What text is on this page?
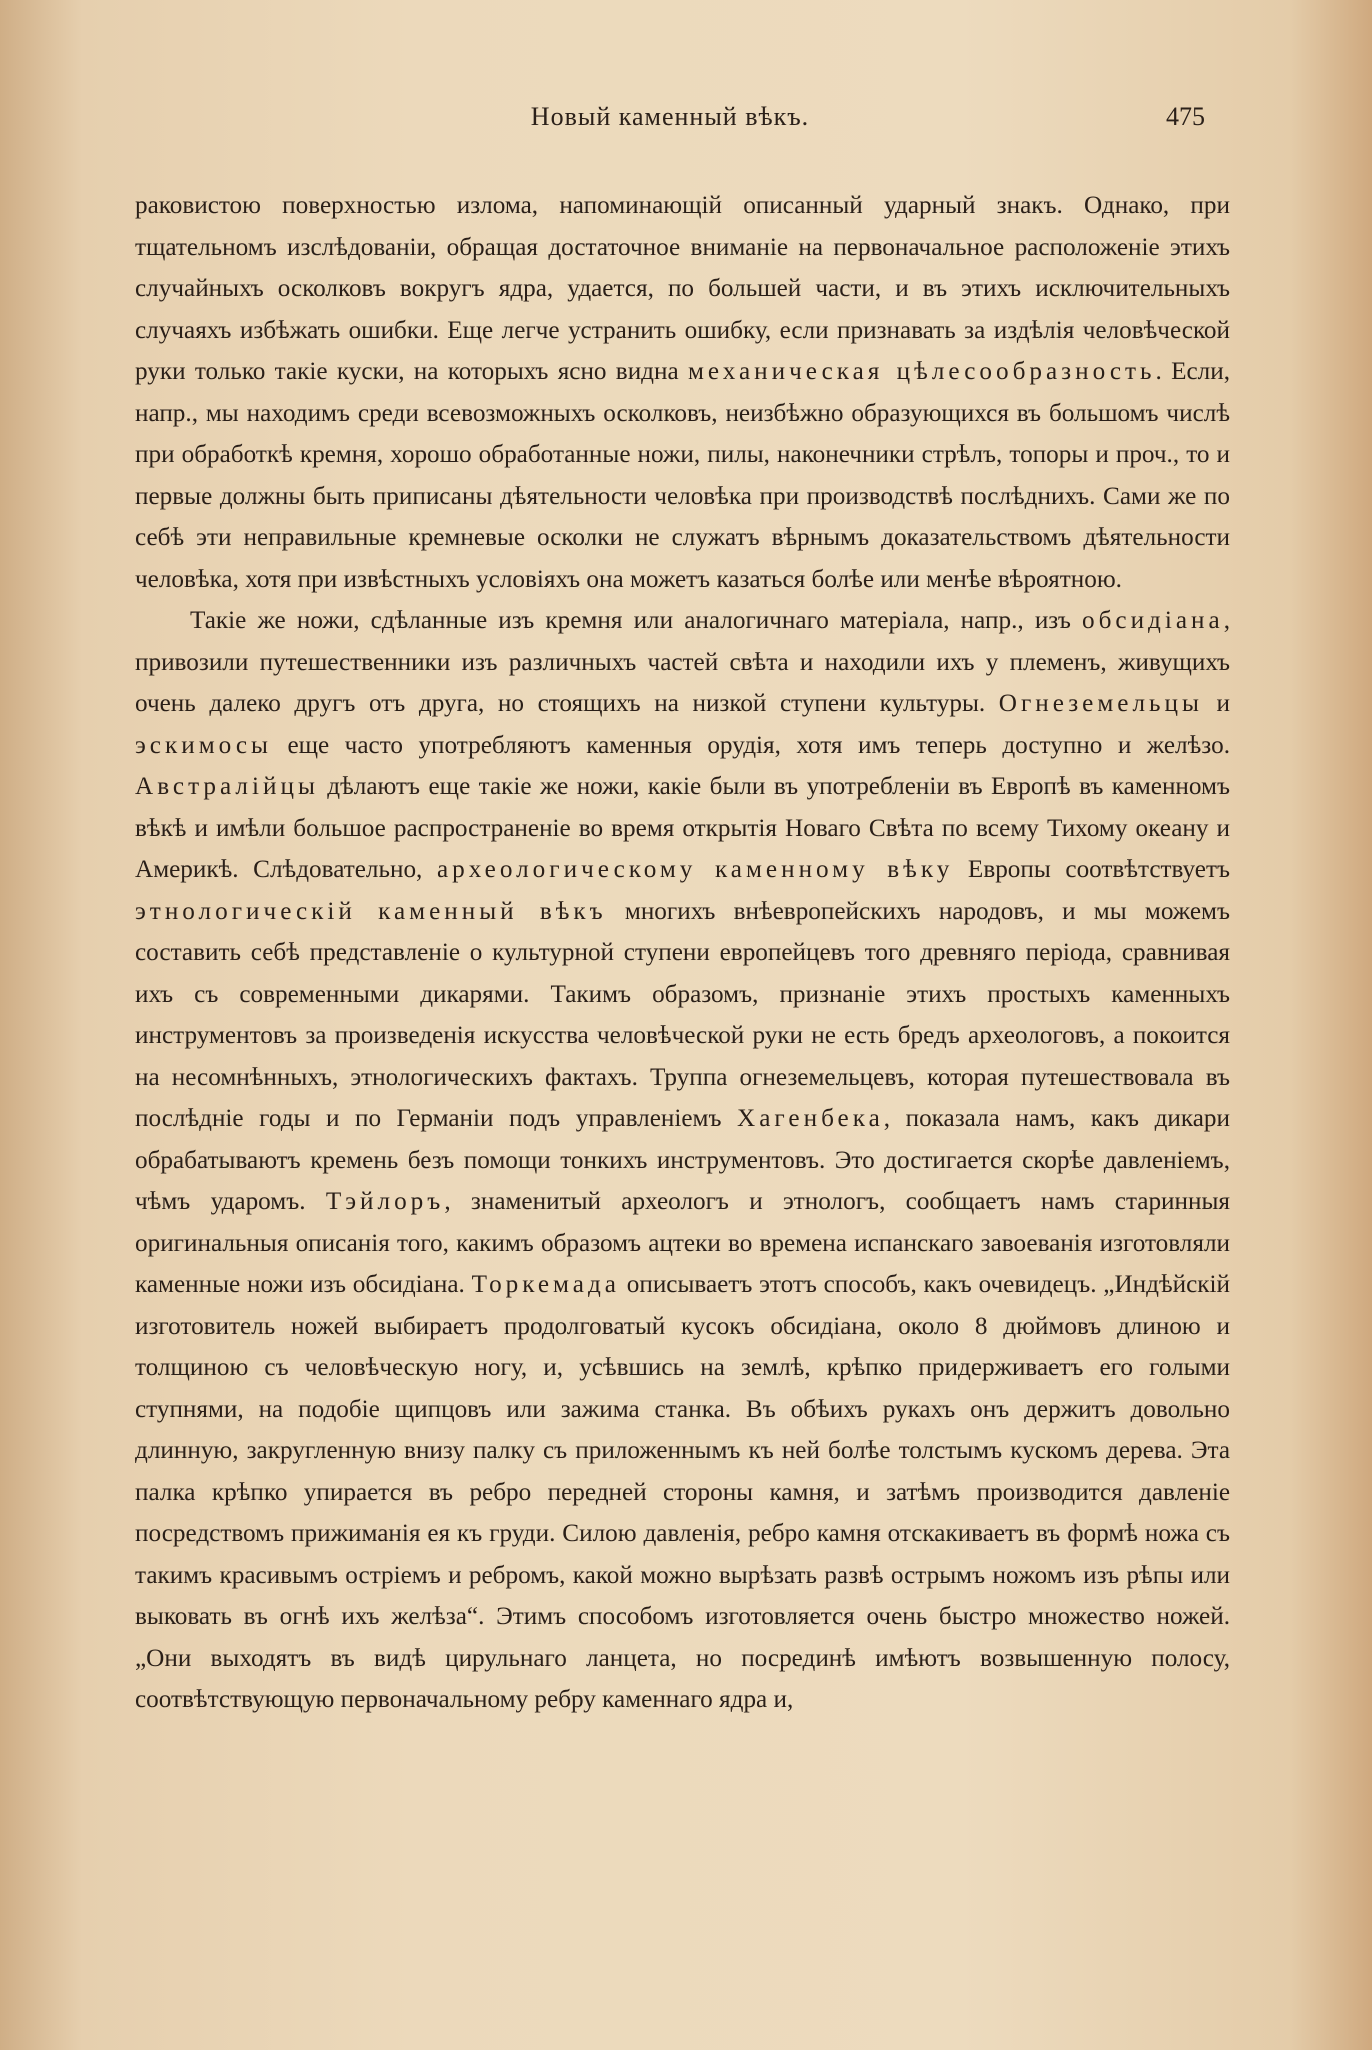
Новый каменный вѣкъ.	475

раковистою поверхностью излома, напоминающій описанный ударный знакъ. Однако, при тщательномъ изслѣдованіи, обращая достаточное вниманіе на первоначальное расположеніе этихъ случайныхъ осколковъ вокругъ ядра, удается, по большей части, и въ этихъ исключительныхъ случаяхъ избѣжать ошибки. Еще легче устранить ошибку, если признавать за издѣлія человѣческой руки только такіе куски, на которыхъ ясно видна механическая цѣлесообразность. Если, напр., мы находимъ среди всевозможныхъ осколковъ, неизбѣжно образующихся въ большомъ числѣ при обработкѣ кремня, хорошо обработанные ножи, пилы, наконечники стрѣлъ, топоры и проч., то и первые должны быть приписаны дѣятельности человѣка при производствѣ послѣднихъ. Сами же по себѣ эти неправильные кремневые осколки не служатъ вѣрнымъ доказательствомъ дѣятельности человѣка, хотя при извѣстныхъ условіяхъ она можетъ казаться болѣе или менѣе вѣроятною.

Такіе же ножи, сдѣланные изъ кремня или аналогичнаго матеріала, напр., изъ обсидіана, привозили путешественники изъ различныхъ частей свѣта и находили ихъ у племенъ, живущихъ очень далеко другъ отъ друга, но стоящихъ на низкой ступени культуры. Огнеземельцы и эскимосы еще часто употребляютъ каменныя орудія, хотя имъ теперь доступно и желѣзо. Австралійцы дѣлаютъ еще такіе же ножи, какіе были въ употребленіи въ Европѣ въ каменномъ вѣкѣ и имѣли большое распространеніе во время открытія Новаго Свѣта по всему Тихому океану и Америкѣ. Слѣдовательно, археологическому каменному вѣку Европы соотвѣтствуетъ этнологическій каменный вѣкъ многихъ внѣевропейскихъ народовъ, и мы можемъ составить себѣ представленіе о культурной ступени европейцевъ того древняго періода, сравнивая ихъ съ современными дикарями. Такимъ образомъ, признаніе этихъ простыхъ каменныхъ инструментовъ за произведенія искусства человѣческой руки не есть бредъ археологовъ, а покоится на несомнѣнныхъ, этнологическихъ фактахъ. Труппа огнеземельцевъ, которая путешествовала въ послѣдніе годы и по Германіи подъ управленіемъ Хагенбека, показала намъ, какъ дикари обрабатываютъ кремень безъ помощи тонкихъ инструментовъ. Это достигается скорѣе давленіемъ, чѣмъ ударомъ. Тэйлоръ, знаменитый археологъ и этнологъ, сообщаетъ намъ старинныя оригинальныя описанія того, какимъ образомъ ацтеки во времена испанскаго завоеванія изготовляли каменные ножи изъ обсидіана. Торкемада описываетъ этотъ способъ, какъ очевидецъ. „Индѣйскій изготовитель ножей выбираетъ продолговатый кусокъ обсидіана, около 8 дюймовъ длиною и толщиною съ человѣческую ногу, и, усѣвшись на землѣ, крѣпко придерживаетъ его голыми ступнями, на подобіе щипцовъ или зажима станка. Въ обѣихъ рукахъ онъ держитъ довольно длинную, закругленную внизу палку съ приложеннымъ къ ней болѣе толстымъ кускомъ дерева. Эта палка крѣпко упирается въ ребро передней стороны камня, и затѣмъ производится давленіе посредствомъ прижиманія ея къ груди. Силою давленія, ребро камня отскакиваетъ въ формѣ ножа съ такимъ красивымъ остріемъ и ребромъ, какой можно вырѣзать развѣ острымъ ножомъ изъ рѣпы или выковать въ огнѣ ихъ желѣза“. Этимъ способомъ изготовляется очень быстро множество ножей. „Они выходятъ въ видѣ цирульнаго ланцета, но посрединѣ имѣютъ возвышенную полосу, соотвѣтствующую первоначальному ребру каменнаго ядра и,
